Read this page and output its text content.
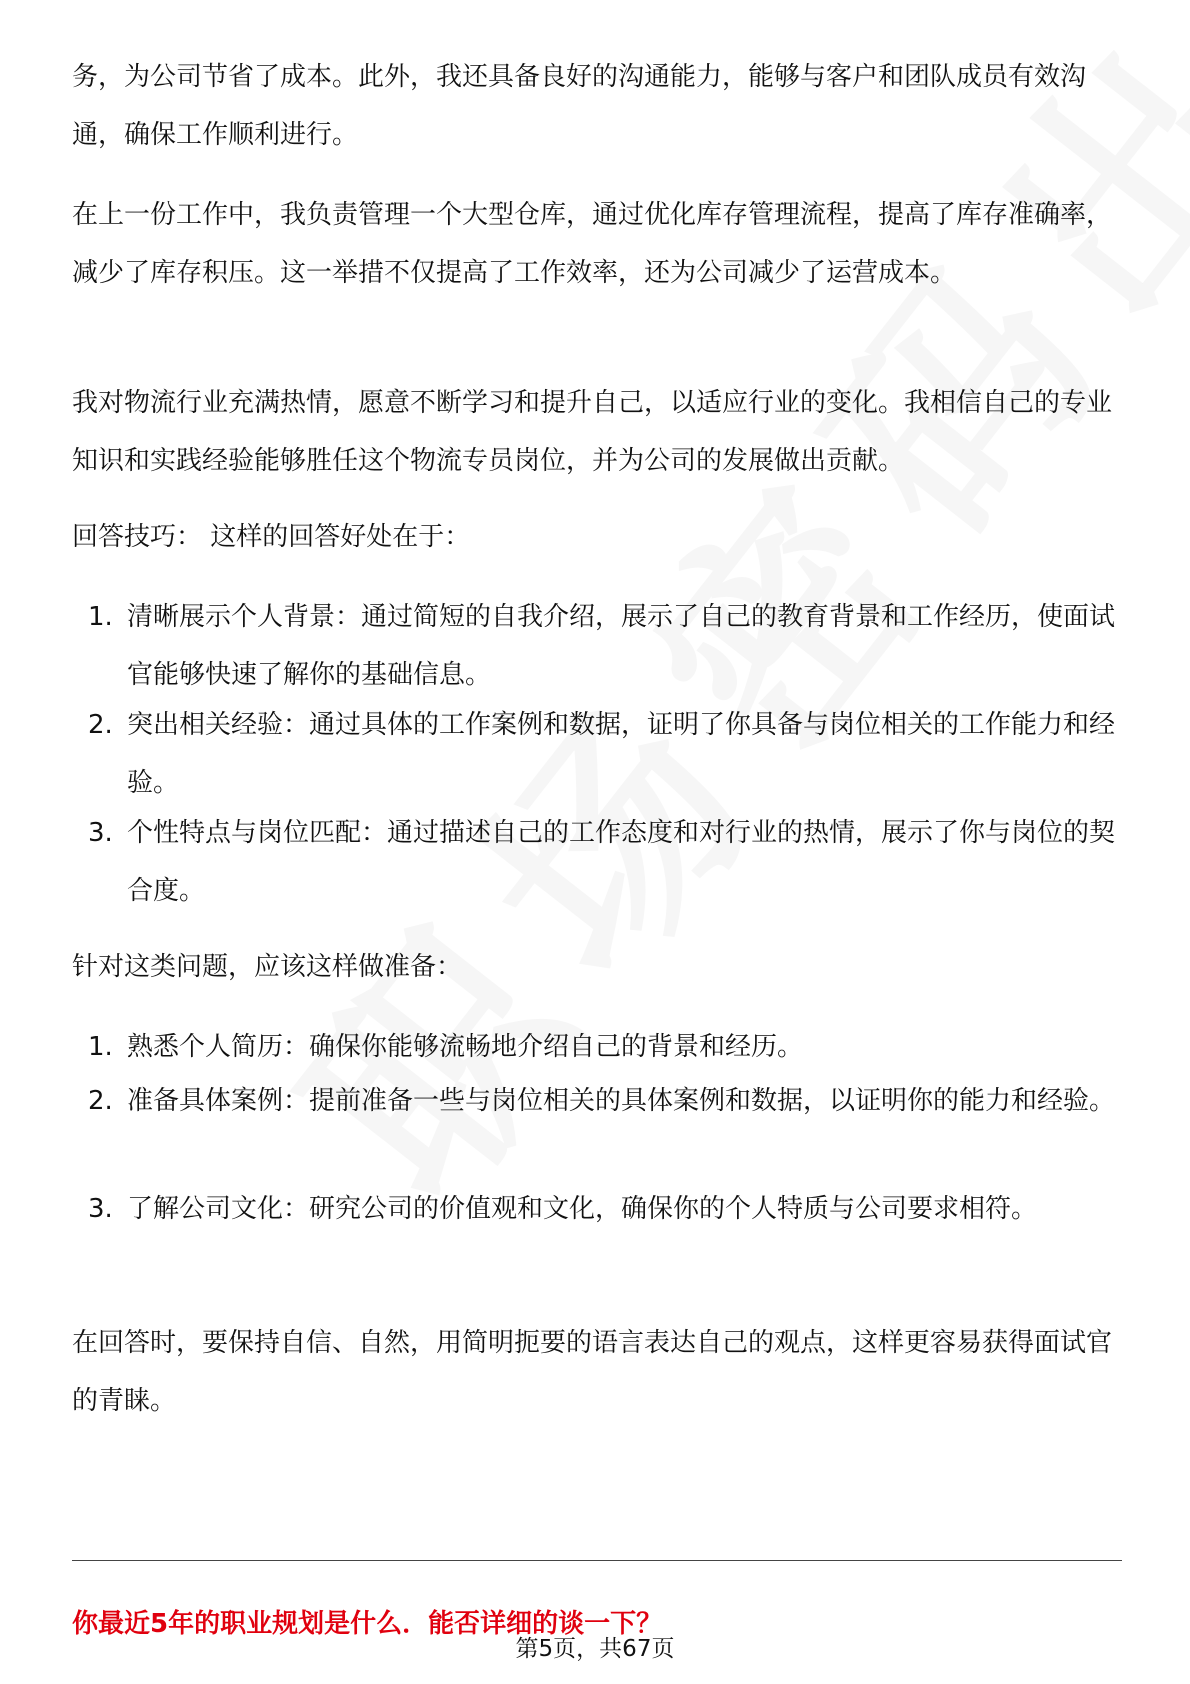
务，为公司节省了成本。此外，我还具备良好的沟通能力，能够与客户和团队成员有效沟通，确保工作顺利进行。

在上一份工作中，我负责管理一个大型仓库，通过优化库存管理流程，提高了库存准确率，减少了库存积压。这一举措不仅提高了工作效率，还为公司减少了运营成本。

我对物流行业充满热情，愿意不断学习和提升自己，以适应行业的变化。我相信自己的专业知识和实践经验能够胜任这个物流专员岗位，并为公司的发展做出贡献。

回答技巧： 这样的回答好处在于：

1. 清晰展示个人背景：通过简短的自我介绍，展示了自己的教育背景和工作经历，使面试官能够快速了解你的基础信息。
2. 突出相关经验：通过具体的工作案例和数据，证明了你具备与岗位相关的工作能力和经验。
3. 个性特点与岗位匹配：通过描述自己的工作态度和对行业的热情，展示了你与岗位的契合度。

针对这类问题，应该这样做准备：

1. 熟悉个人简历：确保你能够流畅地介绍自己的背景和经历。
2. 准备具体案例：提前准备一些与岗位相关的具体案例和数据，以证明你的能力和经验。
3. 了解公司文化：研究公司的价值观和文化，确保你的个人特质与公司要求相符。

在回答时，要保持自信、自然，用简明扼要的语言表达自己的观点，这样更容易获得面试官的青睐。

你最近5年的职业规划是什么．能否详细的谈一下？
第5页，共67页
